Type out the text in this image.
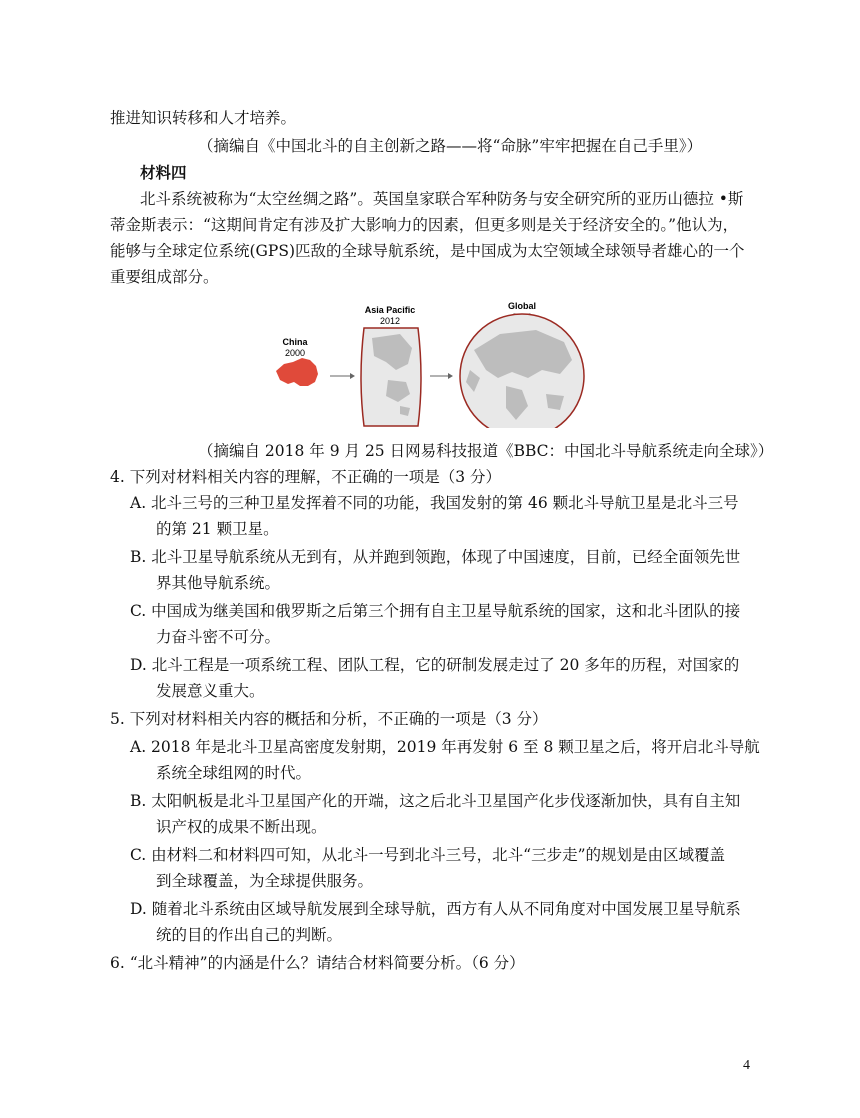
推进知识转移和人才培养。
（摘编自《中国北斗的自主创新之路——将“命脉”牢牢把握在自己手里》）
材料四
北斗系统被称为“太空丝绸之路”。英国皇家联合军种防务与安全研究所的亚历山德拉 •斯
蒂金斯表示：“这期间肯定有涉及扩大影响力的因素，但更多则是关于经济安全的。”他认为，
能够与全球定位系统(GPS)匹敌的全球导航系统，是中国成为太空领域全球领导者雄心的一个
重要组成部分。
China
2000
Asia Pacific
2012
Global
（摘编自 2018 年 9 月 25 日网易科技报道《BBC：中国北斗导航系统走向全球》）
4. 下列对材料相关内容的理解，不正确的一项是（3 分）
A. 北斗三号的三种卫星发挥着不同的功能，我国发射的第 46 颗北斗导航卫星是北斗三号
的第 21 颗卫星。
B. 北斗卫星导航系统从无到有，从并跑到领跑，体现了中国速度，目前，已经全面领先世
界其他导航系统。
C. 中国成为继美国和俄罗斯之后第三个拥有自主卫星导航系统的国家，这和北斗团队的接
力奋斗密不可分。
D. 北斗工程是一项系统工程、团队工程，它的研制发展走过了 20 多年的历程，对国家的
发展意义重大。
5. 下列对材料相关内容的概括和分析，不正确的一项是（3 分）
A. 2018 年是北斗卫星高密度发射期，2019 年再发射 6 至 8 颗卫星之后，将开启北斗导航
系统全球组网的时代。
B. 太阳帆板是北斗卫星国产化的开端，这之后北斗卫星国产化步伐逐渐加快，具有自主知
识产权的成果不断出现。
C. 由材料二和材料四可知，从北斗一号到北斗三号，北斗“三步走”的规划是由区域覆盖
到全球覆盖，为全球提供服务。
D. 随着北斗系统由区域导航发展到全球导航，西方有人从不同角度对中国发展卫星导航系
统的目的作出自己的判断。
6. “北斗精神”的内涵是什么？请结合材料简要分析。（6 分）
4
